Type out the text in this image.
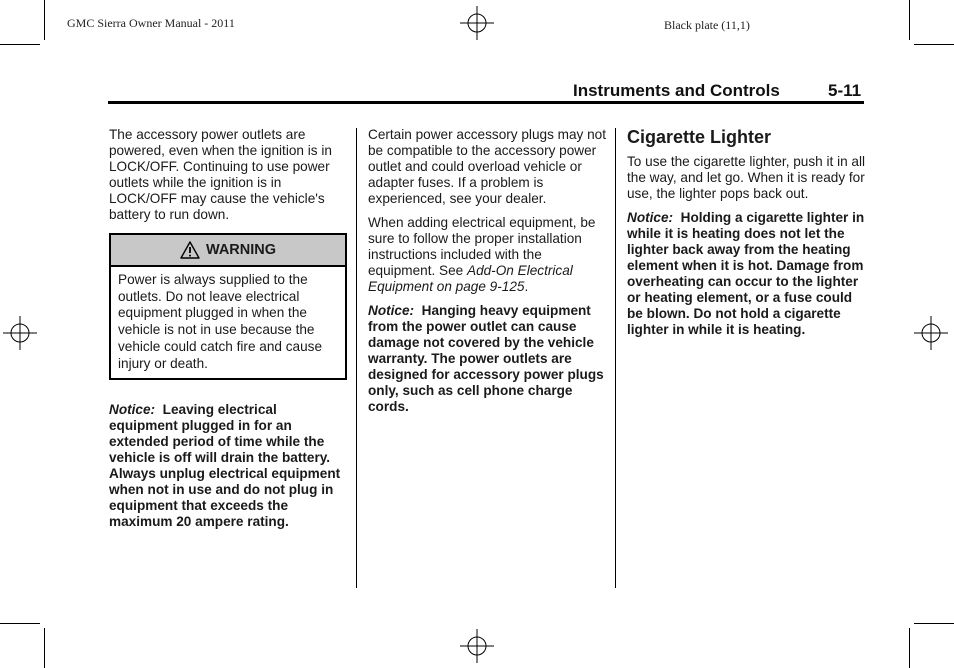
GMC Sierra Owner Manual - 2011	Black plate (11,1)
Instruments and Controls	5-11

The accessory power outlets are powered, even when the ignition is in LOCK/OFF. Continuing to use power outlets while the ignition is in LOCK/OFF may cause the vehicle's battery to run down.

WARNING
Power is always supplied to the outlets. Do not leave electrical equipment plugged in when the vehicle is not in use because the vehicle could catch fire and cause injury or death.

Notice: Leaving electrical equipment plugged in for an extended period of time while the vehicle is off will drain the battery. Always unplug electrical equipment when not in use and do not plug in equipment that exceeds the maximum 20 ampere rating.

Certain power accessory plugs may not be compatible to the accessory power outlet and could overload vehicle or adapter fuses. If a problem is experienced, see your dealer.

When adding electrical equipment, be sure to follow the proper installation instructions included with the equipment. See Add-On Electrical Equipment on page 9-125.

Notice: Hanging heavy equipment from the power outlet can cause damage not covered by the vehicle warranty. The power outlets are designed for accessory power plugs only, such as cell phone charge cords.

Cigarette Lighter

To use the cigarette lighter, push it in all the way, and let go. When it is ready for use, the lighter pops back out.

Notice: Holding a cigarette lighter in while it is heating does not let the lighter back away from the heating element when it is hot. Damage from overheating can occur to the lighter or heating element, or a fuse could be blown. Do not hold a cigarette lighter in while it is heating.
